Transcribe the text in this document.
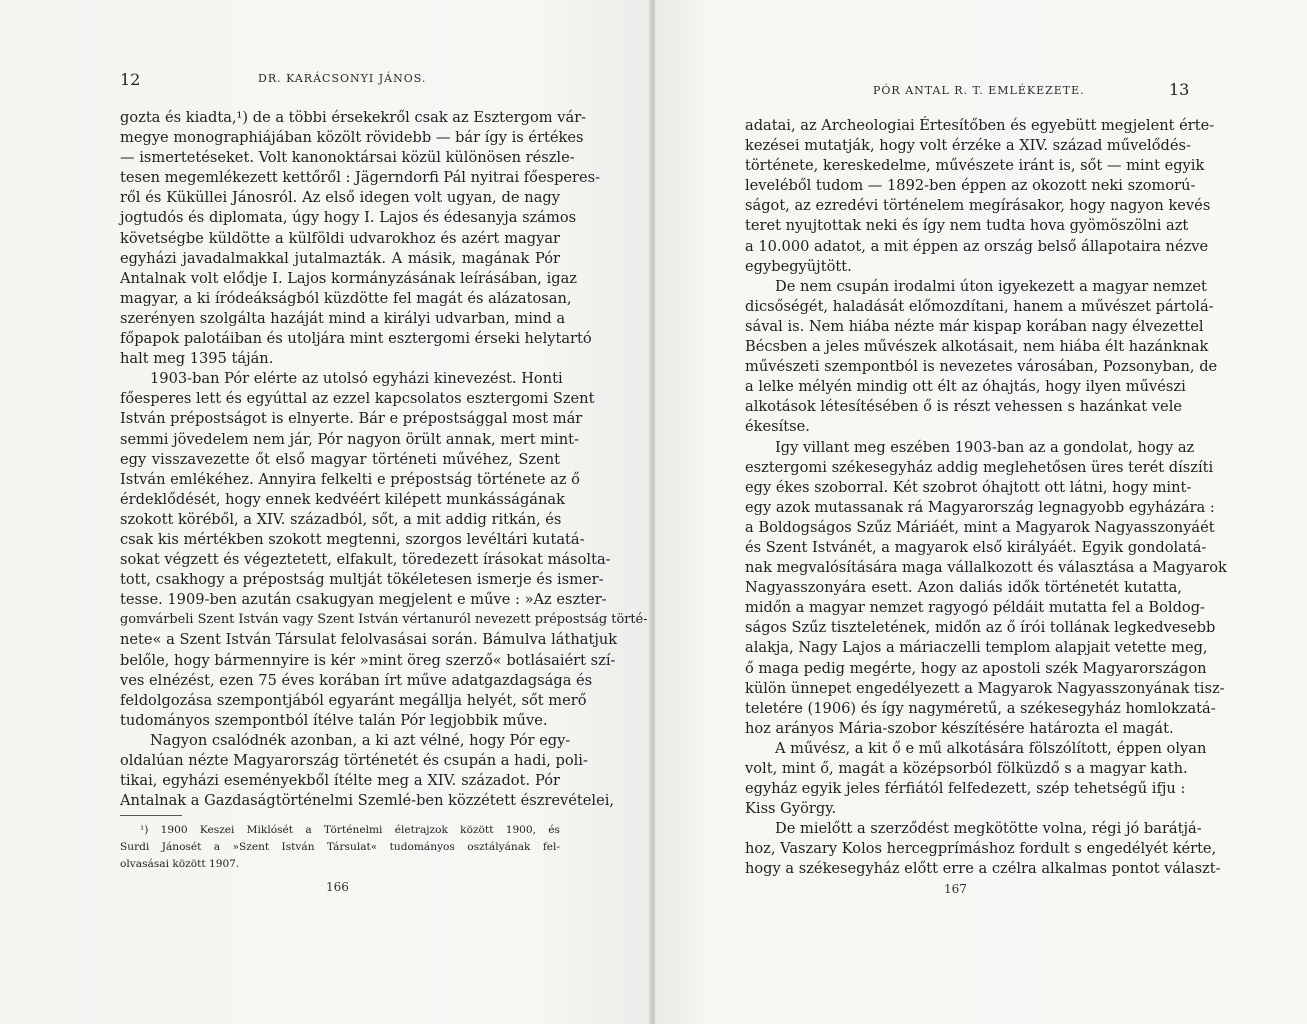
12	DR. KARÁCSONYI JÁNOS.
gozta és kiadta,¹) de a többi érsekekről csak az Esztergom vár-
megye monographiájában közölt rövidebb — bár így is értékes
— ismertetéseket. Volt kanonoktársai közül különösen részle-
tesen megemlékezett kettőről : Jägerndorfi Pál nyitrai főesperes-
ről és Küküllei Jánosról. Az első idegen volt ugyan, de nagy
jogtudós és diplomata, úgy hogy I. Lajos és édesanyja számos
követségbe küldötte a külföldi udvarokhoz és azért magyar
egyházi javadalmakkal jutalmazták. A másik, magának Pór
Antalnak volt elődje I. Lajos kormányzásának leírásában, igaz
magyar, a ki íródeákságból küzdötte fel magát és alázatosan,
szerényen szolgálta hazáját mind a királyi udvarban, mind a
főpapok palotáiban és utoljára mint esztergomi érseki helytartó
halt meg 1395 táján.
1903-ban Pór elérte az utolsó egyházi kinevezést. Honti
főesperes lett és egyúttal az ezzel kapcsolatos esztergomi Szent
István prépostságot is elnyerte. Bár e prépostsággal most már
semmi jövedelem nem jár, Pór nagyon örült annak, mert mint-
egy visszavezette őt első magyar történeti művéhez, Szent
István emlékéhez. Annyira felkelti e prépostság története az ő
érdeklődését, hogy ennek kedvéért kilépett munkásságának
szokott köréből, a XIV. századból, sőt, a mit addig ritkán, és
csak kis mértékben szokott megtenni, szorgos levéltári kutatá-
sokat végzett és végeztetett, elfakult, töredezett írásokat másolta-
tott, csakhogy a prépostság multját tökéletesen ismerje és ismer-
tesse. 1909-ben azután csakugyan megjelent e műve : »Az eszter-
gomvárbeli Szent István vagy Szent István vértanuról nevezett prépostság törté-
nete« a Szent István Társulat felolvasásai során. Bámulva láthatjuk
belőle, hogy bármennyire is kér »mint öreg szerző« botlásaiért szí-
ves elnézést, ezen 75 éves korában írt műve adatgazdagsága és
feldolgozása szempontjából egyaránt megállja helyét, sőt merő
tudományos szempontból ítélve talán Pór legjobbik műve.
Nagyon csalódnék azonban, a ki azt vélné, hogy Pór egy-
oldalúan nézte Magyarország történetét és csupán a hadi, poli-
tikai, egyházi eseményekből ítélte meg a XIV. századot. Pór
Antalnak a Gazdaságtörténelmi Szemlé-ben közzétett észrevételei,
¹) 1900 Keszei Miklósét a Történelmi életrajzok között 1900, és
Surdi Jánosét a »Szent István Társulat« tudományos osztályának fel-
olvasásai között 1907.
166
PÓR ANTAL R. T. EMLÉKEZETE.	13
adatai, az Archeologiai Értesítőben és egyebütt megjelent érte-
kezései mutatják, hogy volt érzéke a XIV. század művelődés-
története, kereskedelme, művészete iránt is, sőt — mint egyik
leveléből tudom — 1892-ben éppen az okozott neki szomorú-
ságot, az ezredévi történelem megírásakor, hogy nagyon kevés
teret nyujtottak neki és így nem tudta hova gyömöszölni azt
a 10.000 adatot, a mit éppen az ország belső állapotaira nézve
egybegyüjtött.
De nem csupán irodalmi úton igyekezett a magyar nemzet
dicsőségét, haladását előmozdítani, hanem a művészet pártolá-
sával is. Nem hiába nézte már kispap korában nagy élvezettel
Bécsben a jeles művészek alkotásait, nem hiába élt hazánknak
művészeti szempontból is nevezetes városában, Pozsonyban, de
a lelke mélyén mindig ott élt az óhajtás, hogy ilyen művészi
alkotások létesítésében ő is részt vehessen s hazánkat vele
ékesítse.
Igy villant meg eszében 1903-ban az a gondolat, hogy az
esztergomi székesegyház addig meglehetősen üres terét díszíti
egy ékes szoborral. Két szobrot óhajtott ott látni, hogy mint-
egy azok mutassanak rá Magyarország legnagyobb egyházára :
a Boldogságos Szűz Máriáét, mint a Magyarok Nagyasszonyáét
és Szent Istvánét, a magyarok első királyáét. Egyik gondolatá-
nak megvalósítására maga vállalkozott és választása a Magyarok
Nagyasszonyára esett. Azon daliás idők történetét kutatta,
midőn a magyar nemzet ragyogó példáit mutatta fel a Boldog-
ságos Szűz tiszteletének, midőn az ő írói tollának legkedvesebb
alakja, Nagy Lajos a máriaczelli templom alapjait vetette meg,
ő maga pedig megérte, hogy az apostoli szék Magyarországon
külön ünnepet engedélyezett a Magyarok Nagyasszonyának tisz-
teletére (1906) és így nagyméretű, a székesegyház homlokzatá-
hoz arányos Mária-szobor készítésére határozta el magát.
A művész, a kit ő e mű alkotására fölszólított, éppen olyan
volt, mint ő, magát a középsorból fölküzdő s a magyar kath.
egyház egyik jeles férfiától felfedezett, szép tehetségű ifju :
Kiss György.
De mielőtt a szerződést megkötötte volna, régi jó barátjá-
hoz, Vaszary Kolos hercegprímáshoz fordult s engedélyét kérte,
hogy a székesegyház előtt erre a czélra alkalmas pontot választ-
167
